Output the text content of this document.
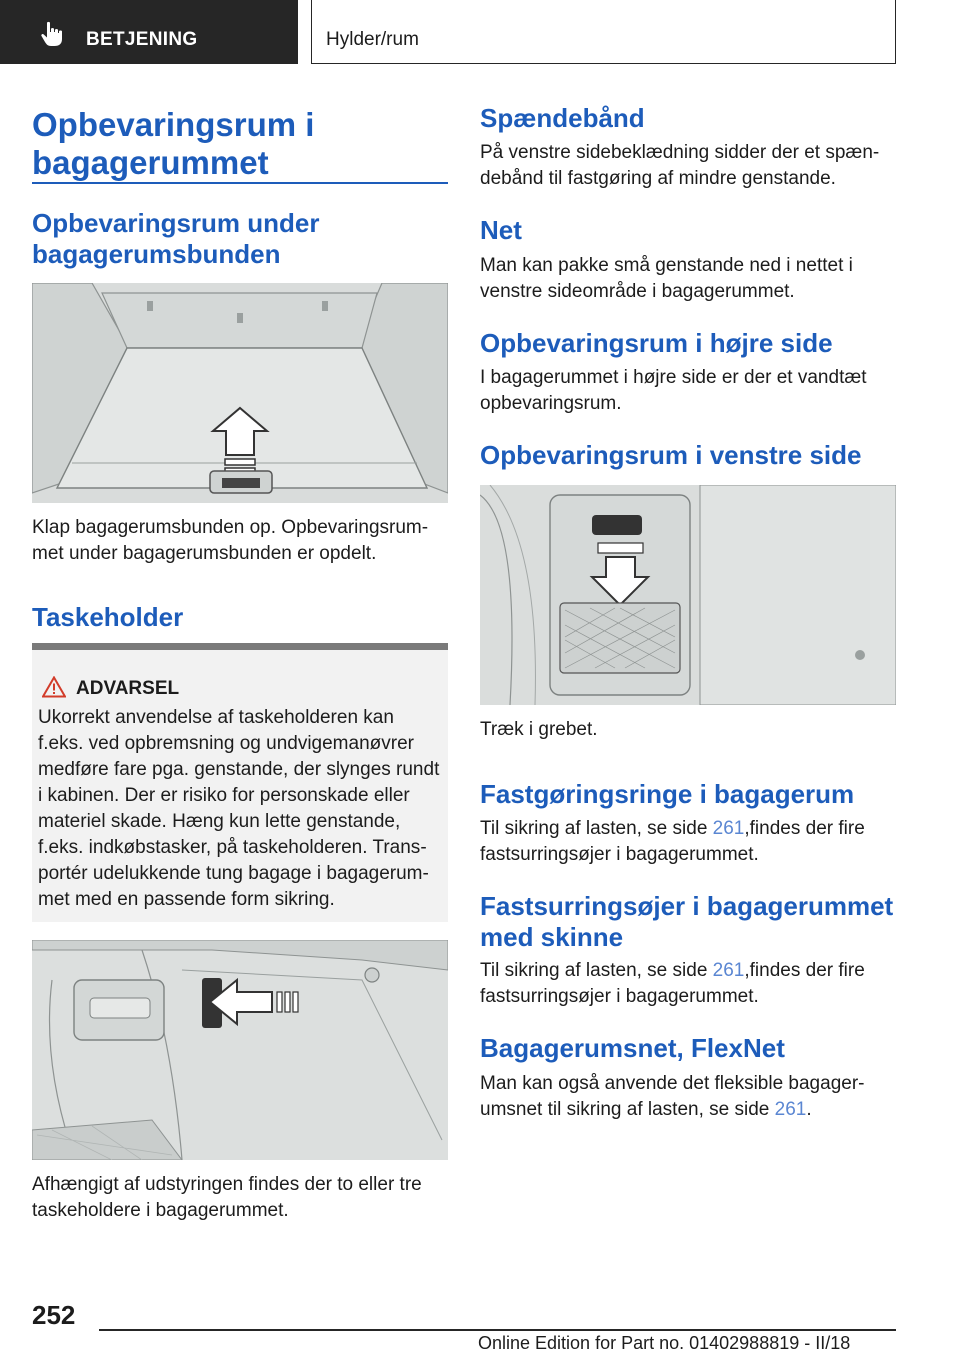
BETJENING	Hylder/rum
Opbevaringsrum i bagagerummet
Opbevaringsrum under bagagerumsbunden
Klap bagagerumsbunden op. Opbevaringsrummet under bagagerumsbunden er opdelt.
Taskeholder
ADVARSEL
Ukorrekt anvendelse af taskeholderen kan f.eks. ved opbremsning og undvigemanøvrer medføre fare pga. genstande, der slynges rundt i kabinen. Der er risiko for personskade eller materiel skade. Hæng kun lette genstande, f.eks. indkøbstasker, på taskeholderen. Transportér udelukkende tung bagage i bagagerummet med en passende form sikring.
Afhængigt af udstyringen findes der to eller tre taskeholdere i bagagerummet.
Spændebånd
På venstre sidebeklædning sidder der et spændebånd til fastgøring af mindre genstande.
Net
Man kan pakke små genstande ned i nettet i venstre sideområde i bagagerummet.
Opbevaringsrum i højre side
I bagagerummet i højre side er der et vandtæt opbevaringsrum.
Opbevaringsrum i venstre side
Træk i grebet.
Fastgøringsringe i bagagerum
Til sikring af lasten, se side 261,findes der fire fastsurringsøjer i bagagerummet.
Fastsurringsøjer i bagagerummet
med skinne
Til sikring af lasten, se side 261,findes der fire fastsurringsøjer i bagagerummet.
Bagagerumsnet, FlexNet
Man kan også anvende det fleksible bagagerumsnet til sikring af lasten, se side 261.
252
Online Edition for Part no. 01402988819 - II/18
